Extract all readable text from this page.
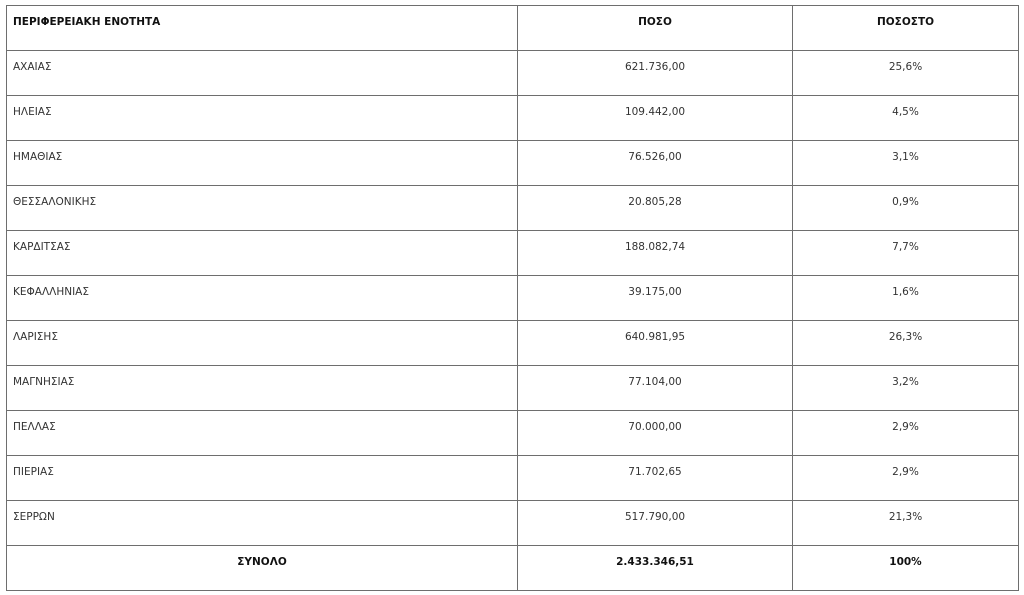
ΠΕΡΙΦΕΡΕΙΑΚΗ ΕΝΟΤΗΤΑ	ΠΟΣΟ	ΠΟΣΟΣΤΟ
ΑΧΑΙΑΣ	621.736,00	25,6%
ΗΛΕΙΑΣ	109.442,00	4,5%
ΗΜΑΘΙΑΣ	76.526,00	3,1%
ΘΕΣΣΑΛΟΝΙΚΗΣ	20.805,28	0,9%
ΚΑΡΔΙΤΣΑΣ	188.082,74	7,7%
ΚΕΦΑΛΛΗΝΙΑΣ	39.175,00	1,6%
ΛΑΡΙΣΗΣ	640.981,95	26,3%
ΜΑΓΝΗΣΙΑΣ	77.104,00	3,2%
ΠΕΛΛΑΣ	70.000,00	2,9%
ΠΙΕΡΙΑΣ	71.702,65	2,9%
ΣΕΡΡΩΝ	517.790,00	21,3%
ΣΥΝΟΛΟ	2.433.346,51	100%
